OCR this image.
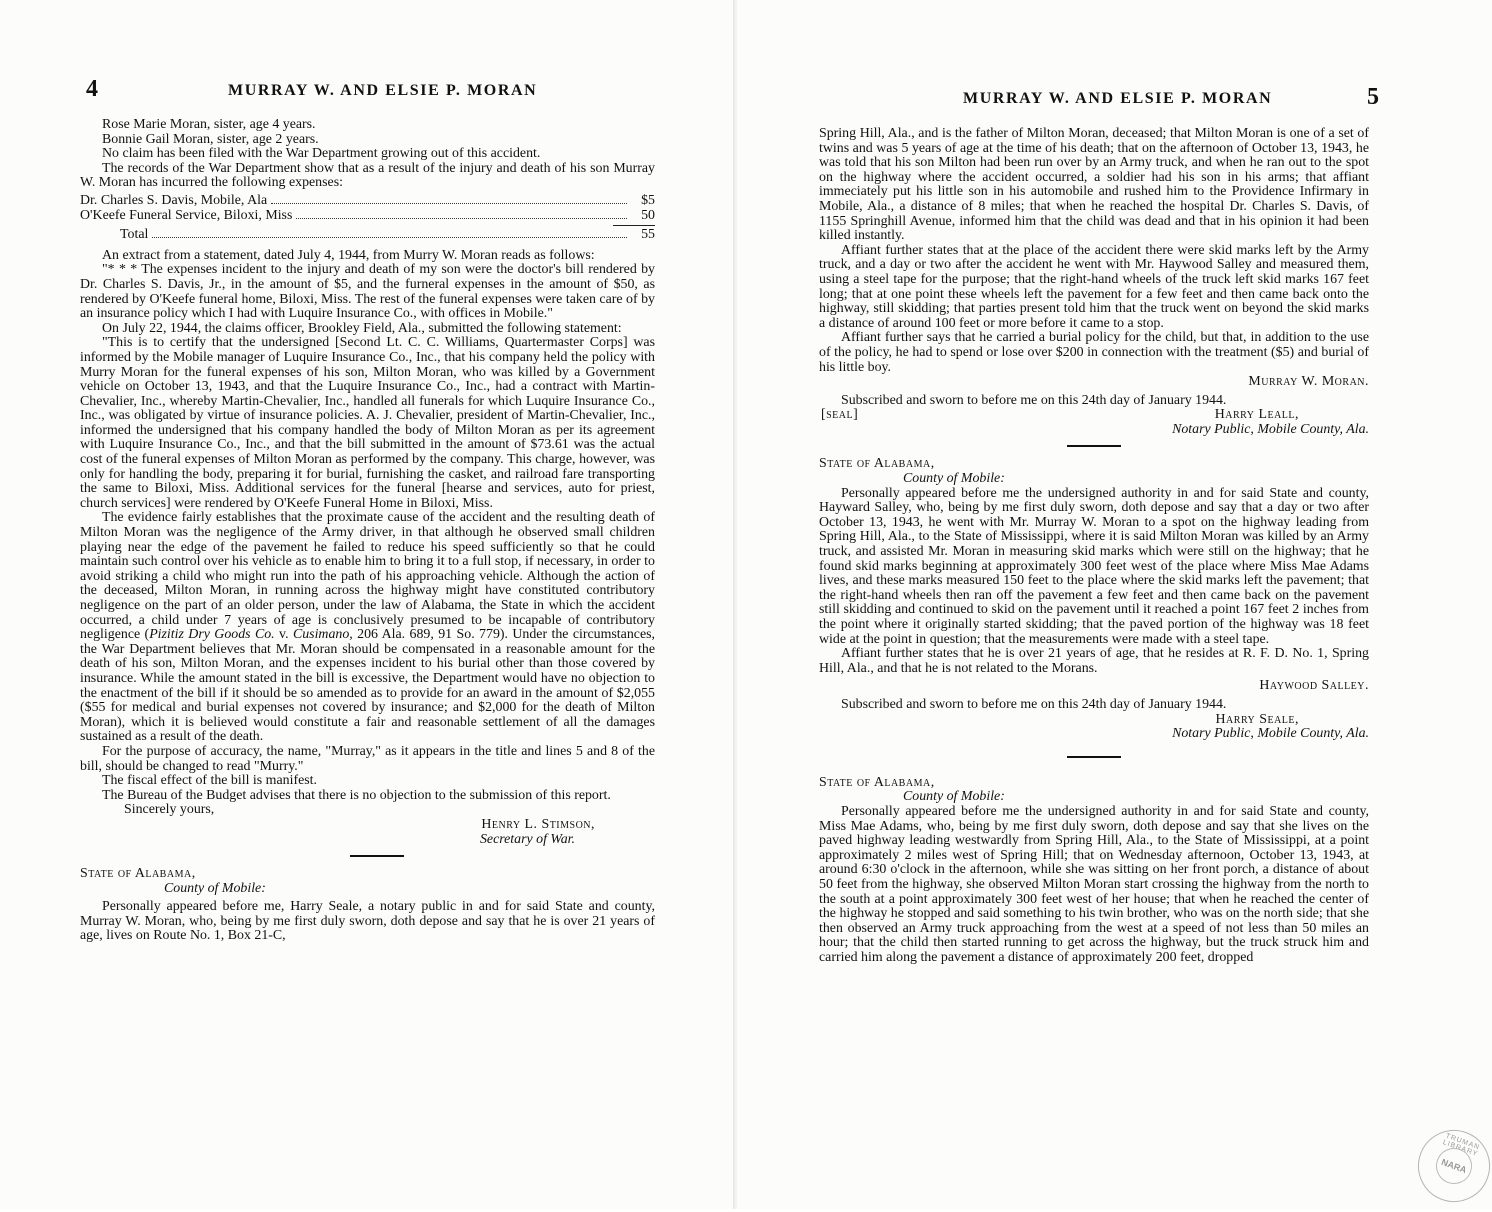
4	MURRAY W. AND ELSIE P. MORAN

Rose Marie Moran, sister, age 4 years.

Bonnie Gail Moran, sister, age 2 years.

No claim has been filed with the War Department growing out of this accident.

The records of the War Department show that as a result of the injury and death of his son Murray W. Moran has incurred the following expenses:

Dr. Charles S. Davis, Mobile, Ala	$5
O'Keefe Funeral Service, Biloxi, Miss	50
Total	55

An extract from a statement, dated July 4, 1944, from Murry W. Moran reads as follows:

"* * * The expenses incident to the injury and death of my son were the doctor's bill rendered by Dr. Charles S. Davis, Jr., in the amount of $5, and the furneral expenses in the amount of $50, as rendered by O'Keefe funeral home, Biloxi, Miss. The rest of the funeral expenses were taken care of by an insurance policy which I had with Luquire Insurance Co., with offices in Mobile."

On July 22, 1944, the claims officer, Brookley Field, Ala., submitted the following statement:

"This is to certify that the undersigned [Second Lt. C. C. Williams, Quartermaster Corps] was informed by the Mobile manager of Luquire Insurance Co., Inc., that his company held the policy with Murry Moran for the funeral expenses of his son, Milton Moran, who was killed by a Government vehicle on October 13, 1943, and that the Luquire Insurance Co., Inc., had a contract with Martin-Chevalier, Inc., whereby Martin-Chevalier, Inc., handled all funerals for which Luquire Insurance Co., Inc., was obligated by virtue of insurance policies. A. J. Chevalier, president of Martin-Chevalier, Inc., informed the undersigned that his company handled the body of Milton Moran as per its agreement with Luquire Insurance Co., Inc., and that the bill submitted in the amount of $73.61 was the actual cost of the funeral expenses of Milton Moran as performed by the company. This charge, however, was only for handling the body, preparing it for burial, furnishing the casket, and railroad fare transporting the same to Biloxi, Miss. Additional services for the funeral [hearse and services, auto for priest, church services] were rendered by O'Keefe Funeral Home in Biloxi, Miss.

The evidence fairly establishes that the proximate cause of the accident and the resulting death of Milton Moran was the negligence of the Army driver, in that although he observed small children playing near the edge of the pavement he failed to reduce his speed sufficiently so that he could maintain such control over his vehicle as to enable him to bring it to a full stop, if necessary, in order to avoid striking a child who might run into the path of his approaching vehicle. Although the action of the deceased, Milton Moran, in running across the highway might have constituted contributory negligence on the part of an older person, under the law of Alabama, the State in which the accident occurred, a child under 7 years of age is conclusively presumed to be incapable of contributory negligence (Pizitiz Dry Goods Co. v. Cusimano, 206 Ala. 689, 91 So. 779). Under the circumstances, the War Department believes that Mr. Moran should be compensated in a reasonable amount for the death of his son, Milton Moran, and the expenses incident to his burial other than those covered by insurance. While the amount stated in the bill is excessive, the Department would have no objection to the enactment of the bill if it should be so amended as to provide for an award in the amount of $2,055 ($55 for medical and burial expenses not covered by insurance; and $2,000 for the death of Milton Moran), which it is believed would constitute a fair and reasonable settlement of all the damages sustained as a result of the death.

For the purpose of accuracy, the name, "Murray," as it appears in the title and lines 5 and 8 of the bill, should be changed to read "Murry."

The fiscal effect of the bill is manifest.

The Bureau of the Budget advises that there is no objection to the submission of this report.

Sincerely yours,

Henry L. Stimson,
Secretary of War.
State of Alabama,
County of Mobile:

Personally appeared before me, Harry Seale, a notary public in and for said State and county, Murray W. Moran, who, being by me first duly sworn, doth depose and say that he is over 21 years of age, lives on Route No. 1, Box 21-C,

MURRAY W. AND ELSIE P. MORAN	5

Spring Hill, Ala., and is the father of Milton Moran, deceased; that Milton Moran is one of a set of twins and was 5 years of age at the time of his death; that on the afternoon of October 13, 1943, he was told that his son Milton had been run over by an Army truck, and when he ran out to the spot on the highway where the accident occurred, a soldier had his son in his arms; that affiant immeciately put his little son in his automobile and rushed him to the Providence Infirmary in Mobile, Ala., a distance of 8 miles; that when he reached the hospital Dr. Charles S. Davis, of 1155 Springhill Avenue, informed him that the child was dead and that in his opinion it had been killed instantly.

Affiant further states that at the place of the accident there were skid marks left by the Army truck, and a day or two after the accident he went with Mr. Haywood Salley and measured them, using a steel tape for the purpose; that the right-hand wheels of the truck left skid marks 167 feet long; that at one point these wheels left the pavement for a few feet and then came back onto the highway, still skidding; that parties present told him that the truck went on beyond the skid marks a distance of around 100 feet or more before it came to a stop.

Affiant further says that he carried a burial policy for the child, but that, in addition to the use of the policy, he had to spend or lose over $200 in connection with the treatment ($5) and burial of his little boy.

Murray W. Moran.

Subscribed and sworn to before me on this 24th day of January 1944.

[seal]	Harry Leall,
Notary Public, Mobile County, Ala.
State of Alabama,
County of Mobile:

Personally appeared before me the undersigned authority in and for said State and county, Hayward Salley, who, being by me first duly sworn, doth depose and say that a day or two after October 13, 1943, he went with Mr. Murray W. Moran to a spot on the highway leading from Spring Hill, Ala., to the State of Mississippi, where it is said Milton Moran was killed by an Army truck, and assisted Mr. Moran in measuring skid marks which were still on the highway; that he found skid marks beginning at approximately 300 feet west of the place where Miss Mae Adams lives, and these marks measured 150 feet to the place where the skid marks left the pavement; that the right-hand wheels then ran off the pavement a few feet and then came back on the pavement still skidding and continued to skid on the pavement until it reached a point 167 feet 2 inches from the point where it originally started skidding; that the paved portion of the highway was 18 feet wide at the point in question; that the measurements were made with a steel tape.

Affiant further states that he is over 21 years of age, that he resides at R. F. D. No. 1, Spring Hill, Ala., and that he is not related to the Morans.

Haywood Salley.

Subscribed and sworn to before me on this 24th day of January 1944.

Harry Seale,
Notary Public, Mobile County, Ala.
State of Alabama,
County of Mobile:

Personally appeared before me the undersigned authority in and for said State and county, Miss Mae Adams, who, being by me first duly sworn, doth depose and say that she lives on the paved highway leading westwardly from Spring Hill, Ala., to the State of Mississippi, at a point approximately 2 miles west of Spring Hill; that on Wednesday afternoon, October 13, 1943, at around 6:30 o'clock in the afternoon, while she was sitting on her front porch, a distance of about 50 feet from the highway, she observed Milton Moran start crossing the highway from the north to the south at a point approximately 300 feet west of her house; that when he reached the center of the highway he stopped and said something to his twin brother, who was on the north side; that she then observed an Army truck approaching from the west at a speed of not less than 50 miles an hour; that the child then started running to get across the highway, but the truck struck him and carried him along the pavement a distance of approximately 200 feet, dropped

TRUMAN LIBRARY
NARA
